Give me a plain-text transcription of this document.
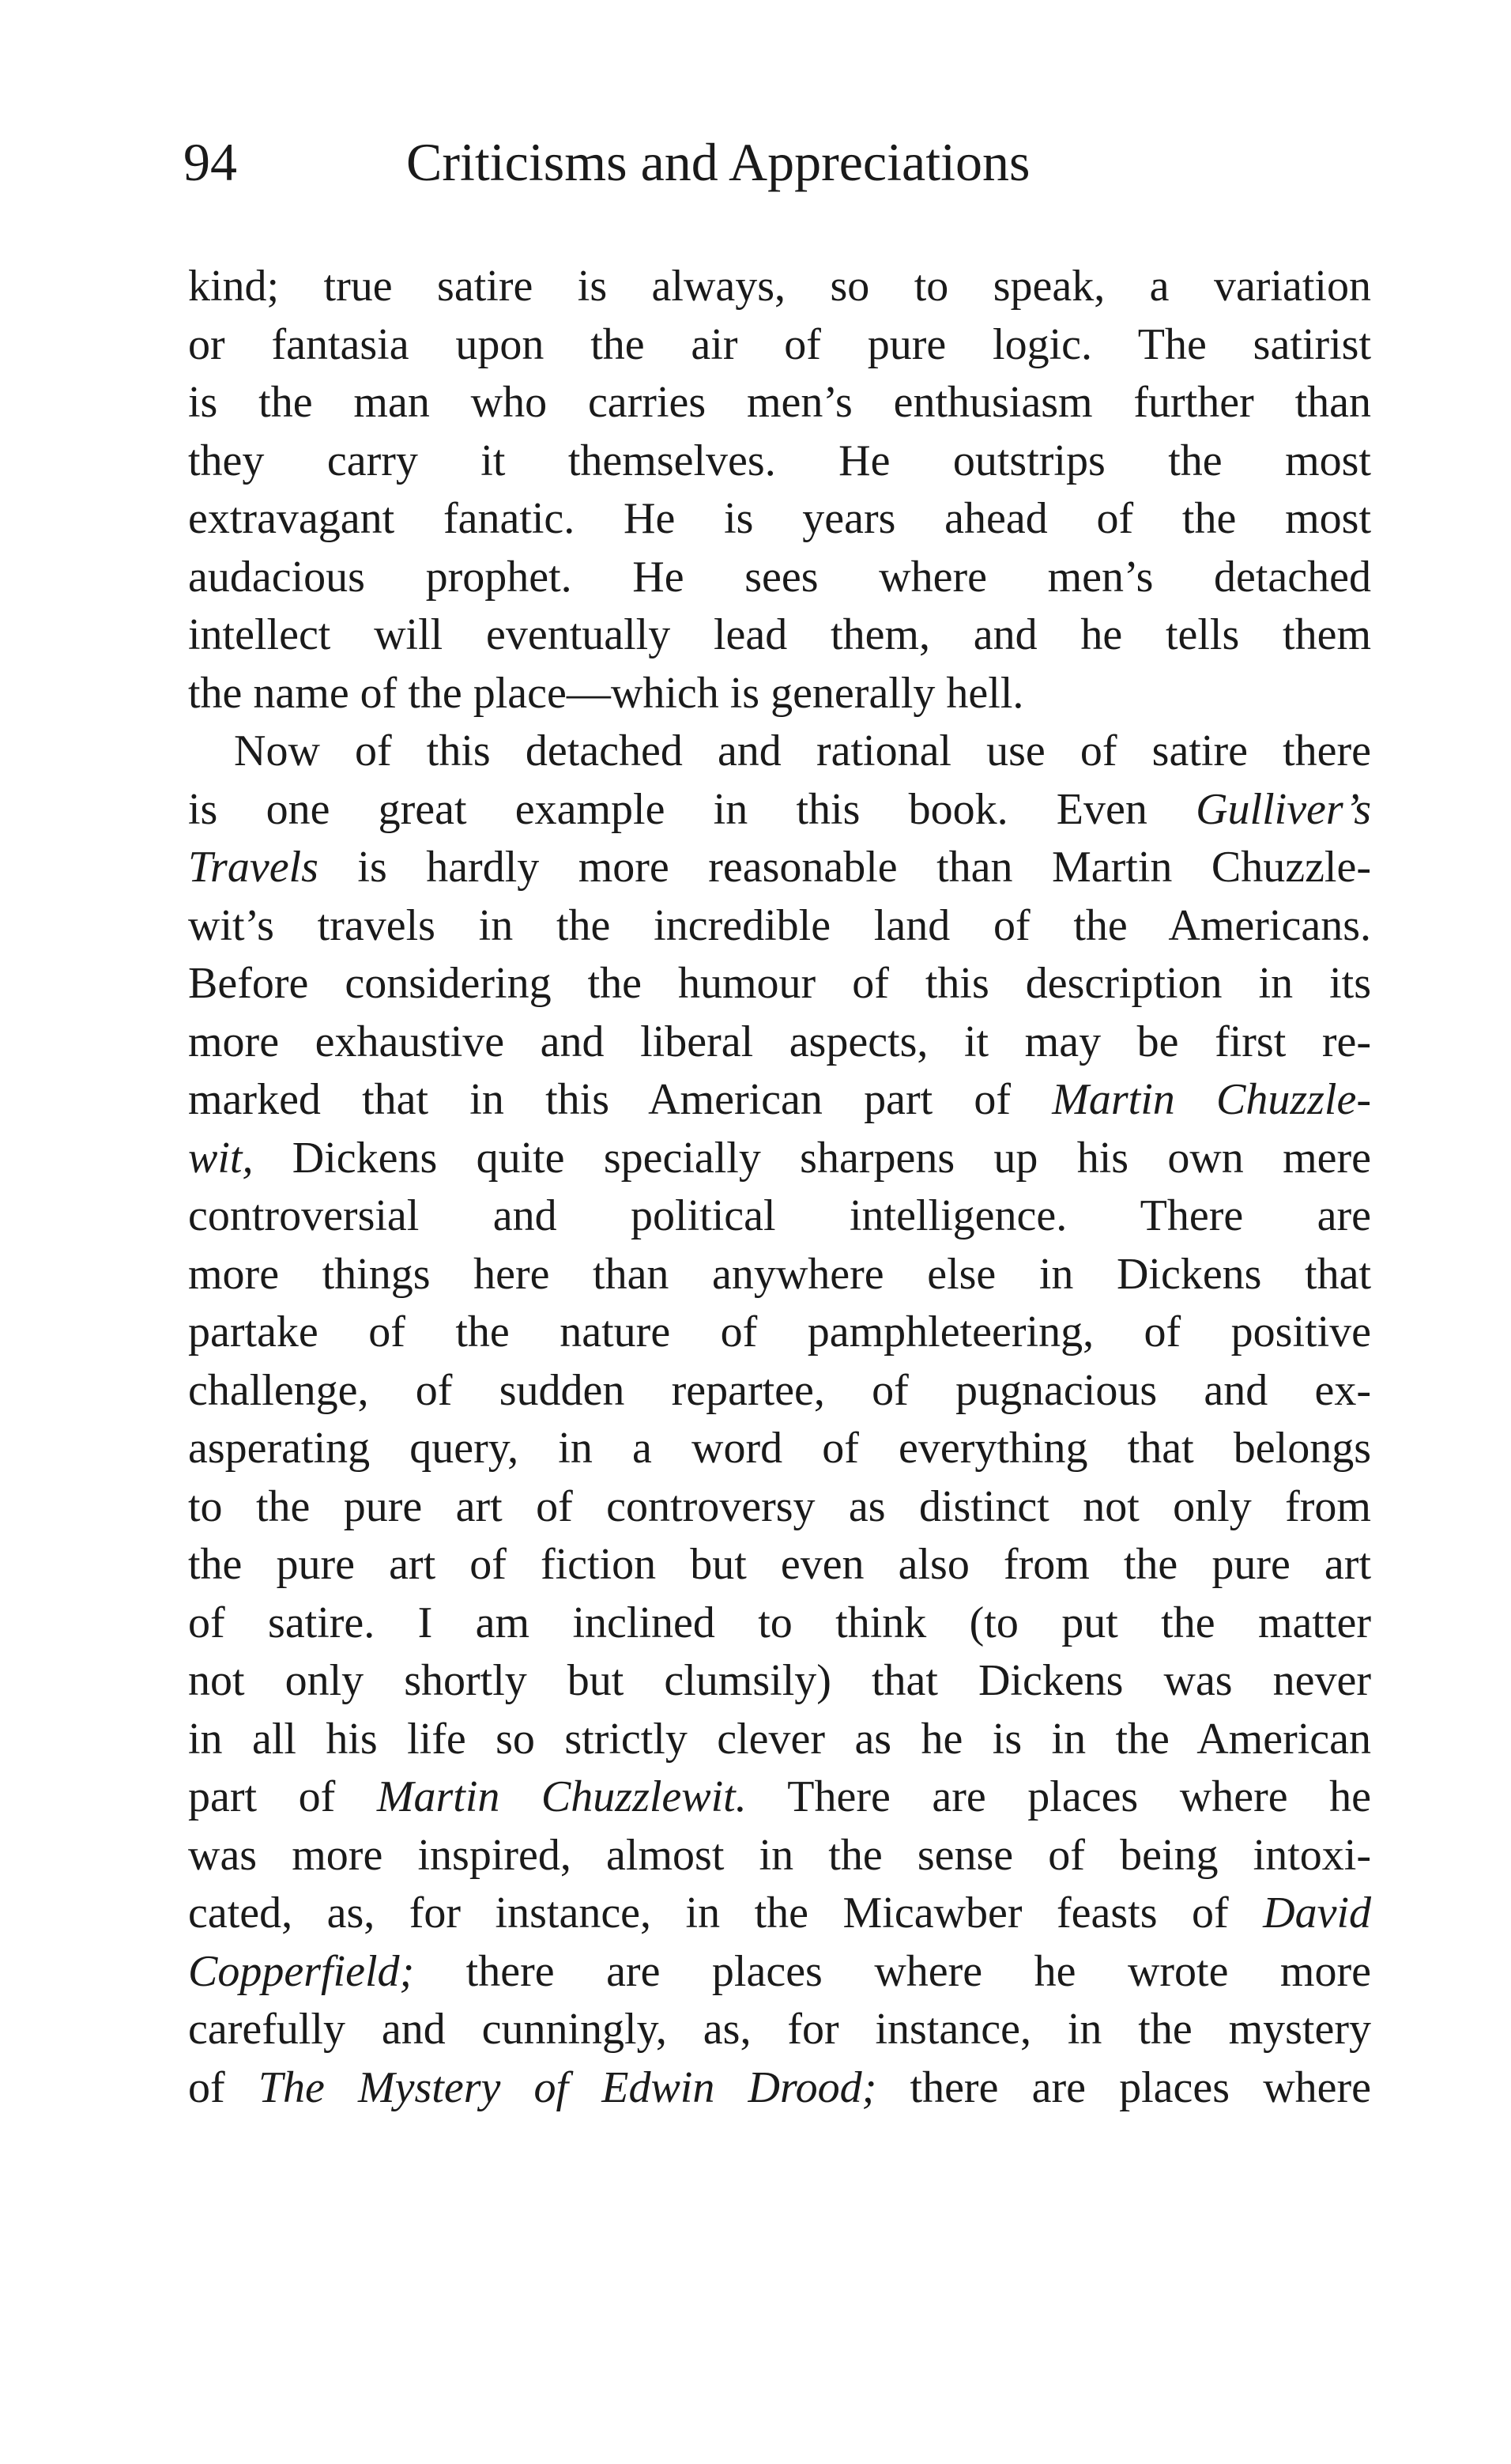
94	Criticisms and Appreciations
kind; true satire is always, so to speak, a variation
or fantasia upon the air of pure logic. The satirist
is the man who carries men’s enthusiasm further than
they carry it themselves. He outstrips the most
extravagant fanatic. He is years ahead of the most
audacious prophet. He sees where men’s detached
intellect will eventually lead them, and he tells them
the name of the place—which is generally hell.
Now of this detached and rational use of satire there
is one great example in this book. Even Gulliver’s
Travels is hardly more reasonable than Martin Chuzzle-
wit’s travels in the incredible land of the Americans.
Before considering the humour of this description in its
more exhaustive and liberal aspects, it may be first re-
marked that in this American part of Martin Chuzzle-
wit, Dickens quite specially sharpens up his own mere
controversial and political intelligence. There are
more things here than anywhere else in Dickens that
partake of the nature of pamphleteering, of positive
challenge, of sudden repartee, of pugnacious and ex-
asperating query, in a word of everything that belongs
to the pure art of controversy as distinct not only from
the pure art of fiction but even also from the pure art
of satire. I am inclined to think (to put the matter
not only shortly but clumsily) that Dickens was never
in all his life so strictly clever as he is in the American
part of Martin Chuzzlewit. There are places where he
was more inspired, almost in the sense of being intoxi-
cated, as, for instance, in the Micawber feasts of David
Copperfield; there are places where he wrote more
carefully and cunningly, as, for instance, in the mystery
of The Mystery of Edwin Drood; there are places where
